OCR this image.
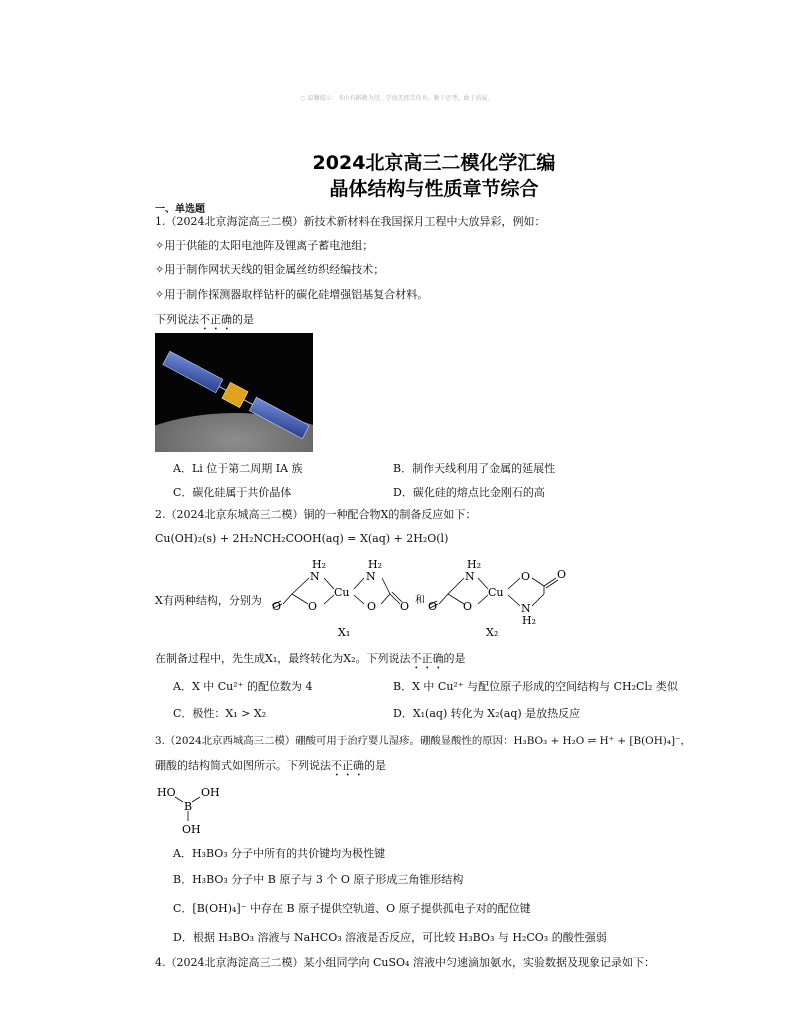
○ 温馨提示：书山有路勤为径，学海无涯苦作舟。勤于思考，敢于质疑。
2024北京高三二模化学汇编
晶体结构与性质章节综合
一、单选题
1.（2024北京海淀高三二模）新技术新材料在我国探月工程中大放异彩，例如：
✧用于供能的太阳电池阵及锂离子蓄电池组；
✧用于制作网状天线的钼金属丝纺织经编技术；
✧用于制作探测器取样钻杆的碳化硅增强铝基复合材料。
下列说法不正确的是
A．Li 位于第二周期 IA 族	B．制作天线利用了金属的延展性
C．碳化硅属于共价晶体	D．碳化硅的熔点比金刚石的高
2.（2024北京东城高三二模）铜的一种配合物X的制备反应如下：
Cu(OH)₂(s) + 2H₂NCH₂COOH(aq) = X(aq) + 2H₂O(l)
X有两种结构，分别为
N
H₂
O
Cu
N
H₂
O
O	O
X₁
和
N
H₂
O
O
Cu
O
N
H₂
O
X₂
在制备过程中，先生成X₁，最终转化为X₂。下列说法不正确的是
A．X 中 Cu²⁺ 的配位数为 4	B．X 中 Cu²⁺ 与配位原子形成的空间结构与 CH₂Cl₂ 类似
C．极性：X₁ > X₂	D．X₁(aq) 转化为 X₂(aq) 是放热反应
3.（2024北京西城高三二模）硼酸可用于治疗婴儿湿疹。硼酸显酸性的原因：H₃BO₃ + H₂O ⇌ H⁺ + [B(OH)₄]⁻，
硼酸的结构简式如图所示。下列说法不正确的是
HO OH
B
OH
A．H₃BO₃ 分子中所有的共价键均为极性键
B．H₃BO₃ 分子中 B 原子与 3 个 O 原子形成三角锥形结构
C．[B(OH)₄]⁻ 中存在 B 原子提供空轨道、O 原子提供孤电子对的配位键
D．根据 H₃BO₃ 溶液与 NaHCO₃ 溶液是否反应，可比较 H₃BO₃ 与 H₂CO₃ 的酸性强弱
4.（2024北京海淀高三二模）某小组同学向 CuSO₄ 溶液中匀速滴加氨水，实验数据及现象记录如下：
